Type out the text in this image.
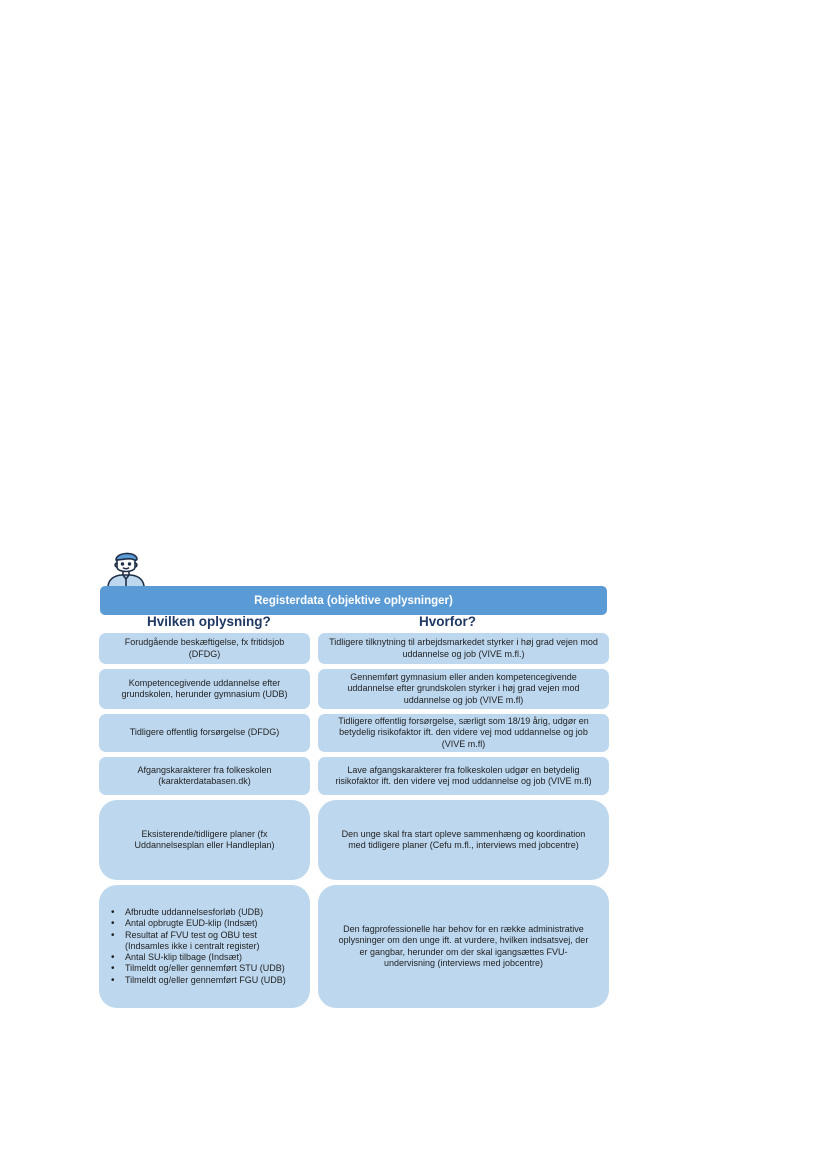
Registerdata (objektive oplysninger)
Hvilken oplysning?	Hvorfor?
Forudgående beskæftigelse, fx fritidsjob (DFDG)
Tidligere tilknytning til arbejdsmarkedet styrker i høj grad vejen mod uddannelse og job (VIVE m.fl.)
Kompetencegivende uddannelse efter grundskolen, herunder gymnasium (UDB)
Gennemført gymnasium eller anden kompetencegivende uddannelse efter grundskolen styrker i høj grad vejen mod uddannelse og job (VIVE m.fl)
Tidligere offentlig forsørgelse (DFDG)
Tidligere offentlig forsørgelse, særligt som 18/19 årig, udgør en betydelig risikofaktor ift. den videre vej mod uddannelse og job (VIVE m.fl)
Afgangskarakterer fra folkeskolen (karakterdatabasen.dk)
Lave afgangskarakterer fra folkeskolen udgør en betydelig risikofaktor ift. den videre vej mod uddannelse og job (VIVE m.fl)
Eksisterende/tidligere planer (fx Uddannelsesplan eller Handleplan)
Den unge skal fra start opleve sammenhæng og koordination med tidligere planer (Cefu m.fl., interviews med jobcentre)
• Afbrudte uddannelsesforløb (UDB)
• Antal opbrugte EUD-klip (Indsæt)
• Resultat af FVU test og OBU test (Indsamles ikke i centralt register)
• Antal SU-klip tilbage (Indsæt)
• Tilmeldt og/eller gennemført STU (UDB)
• Tilmeldt og/eller gennemført FGU (UDB)
Den fagprofessionelle har behov for en række administrative oplysninger om den unge ift. at vurdere, hvilken indsatsvej, der er gangbar, herunder om der skal igangsættes FVU-undervisning (interviews med jobcentre)
